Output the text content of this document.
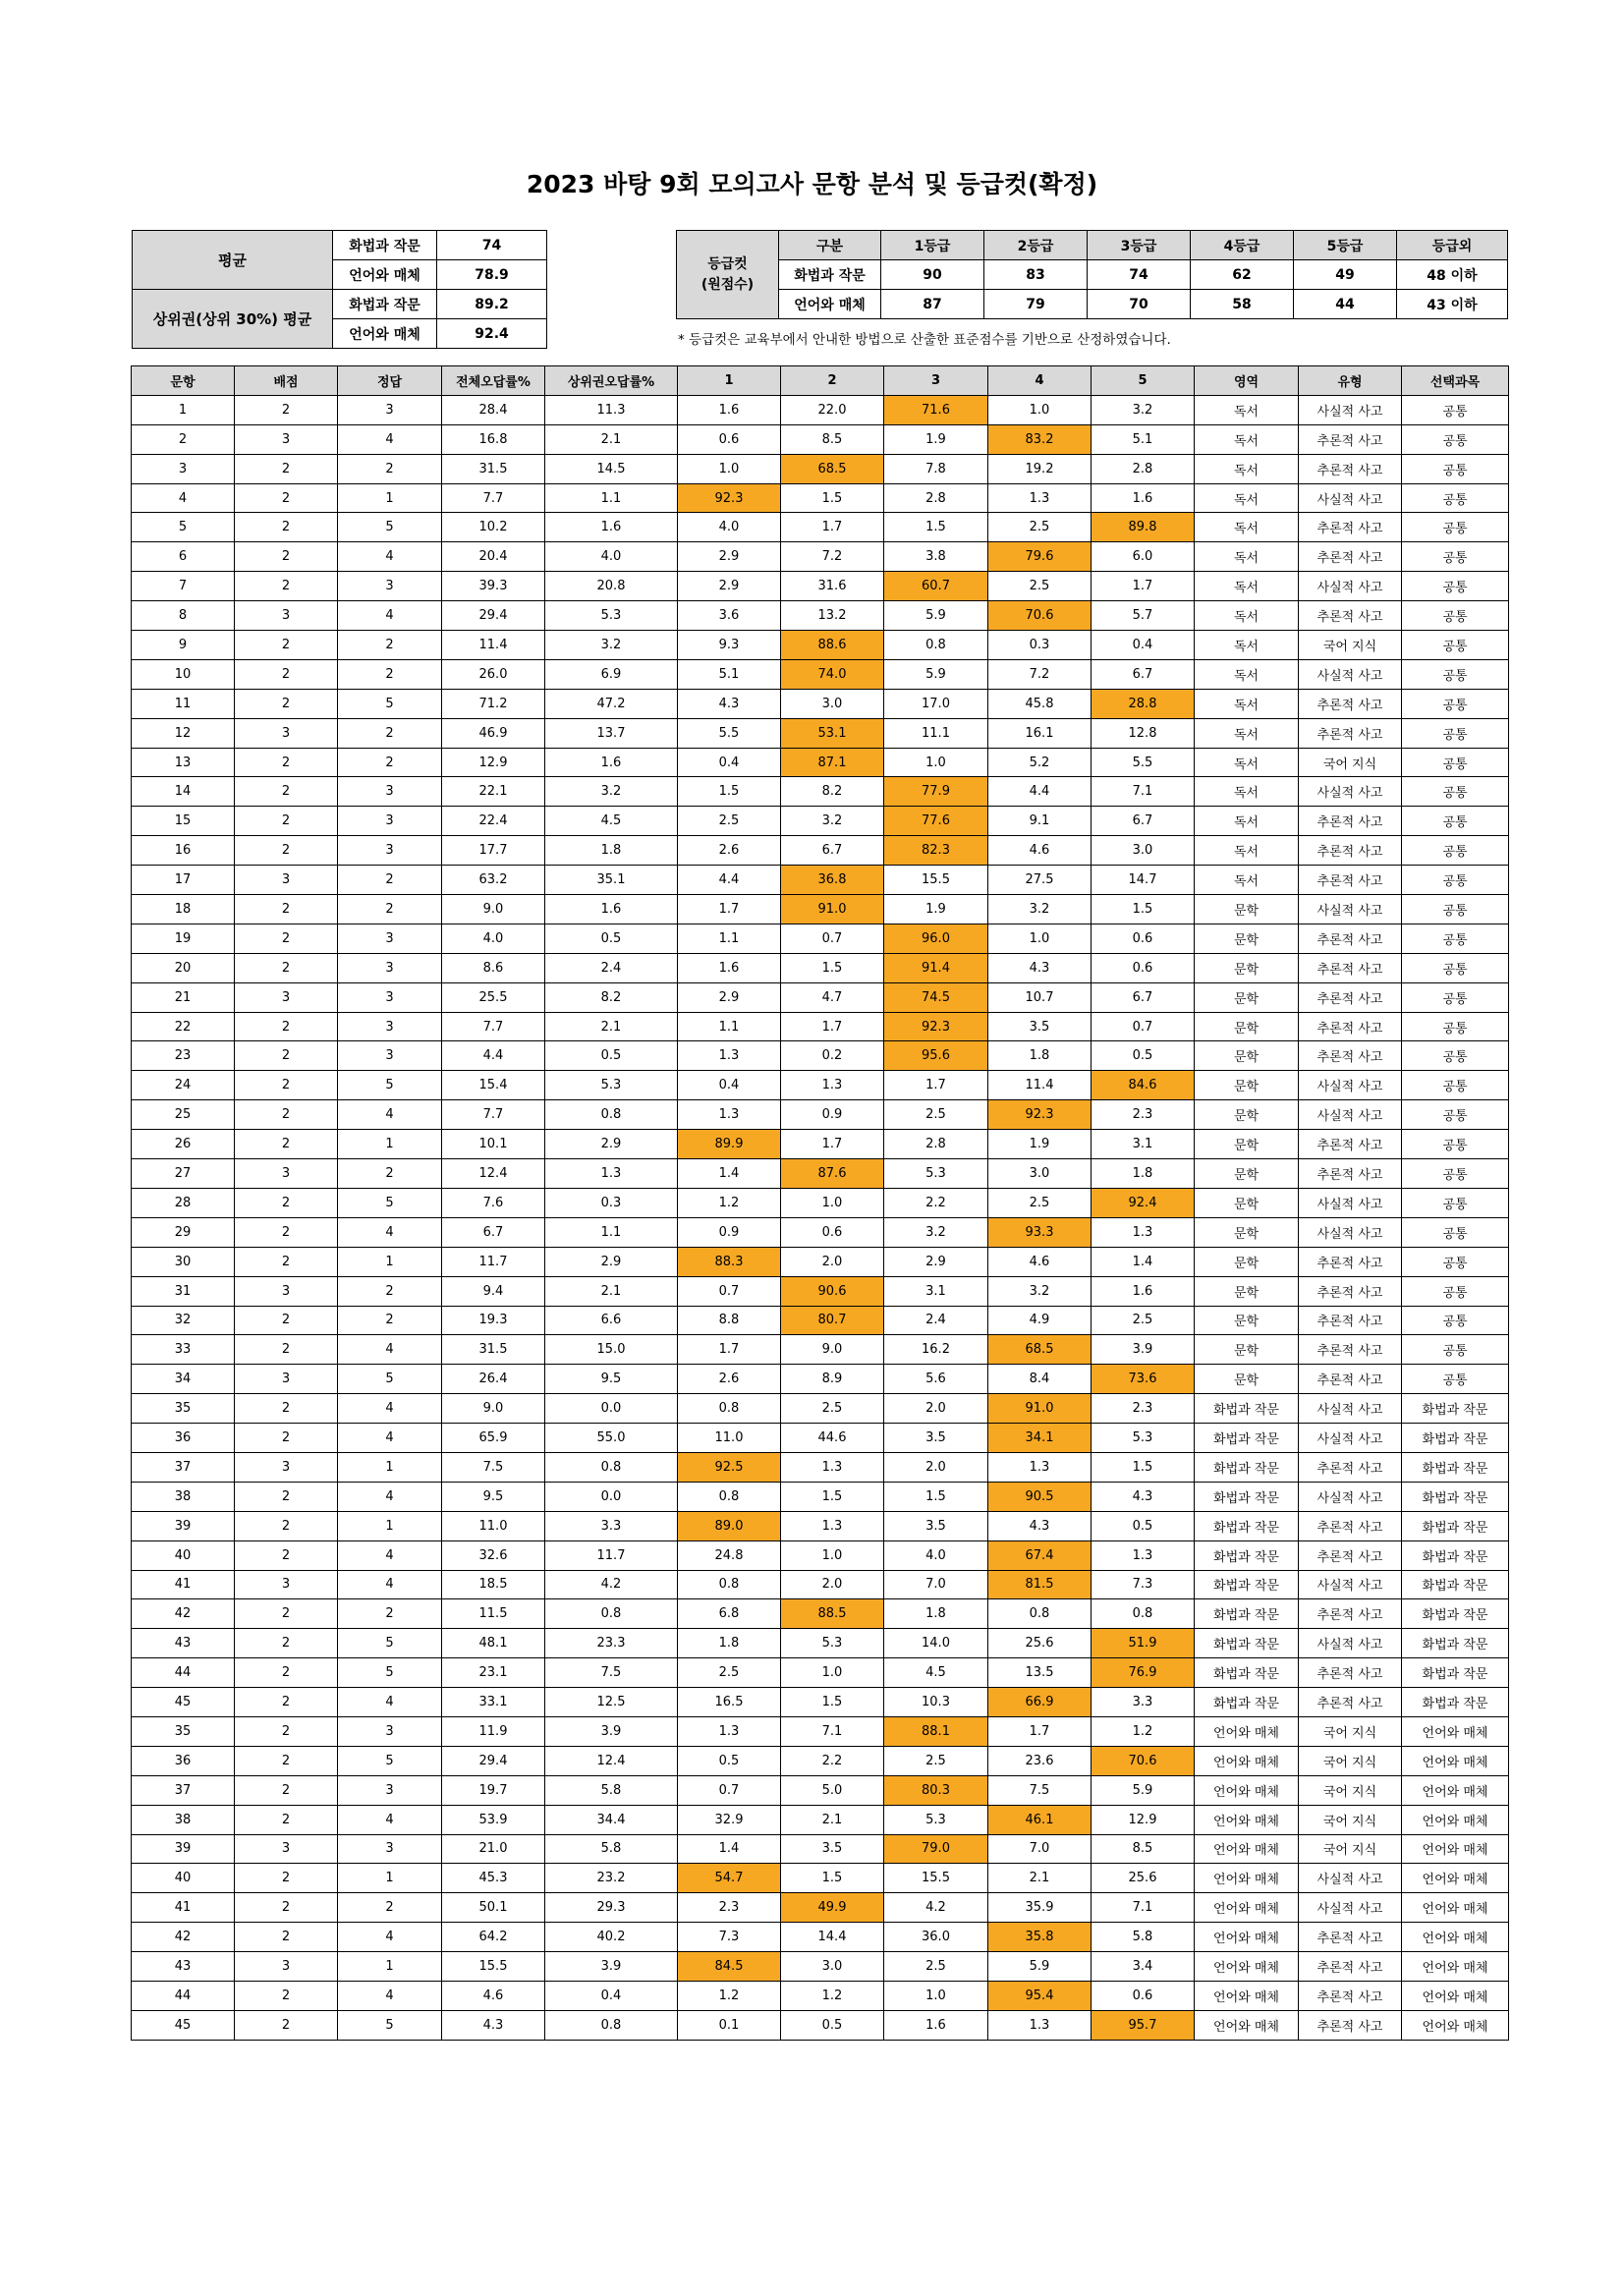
2023 바탕 9회 모의고사 문항 분석 및 등급컷(확정)
평균	화법과 작문	74
	언어와 매체	78.9
상위권(상위 30%) 평균	화법과 작문	89.2
	언어와 매체	92.4
등급컷
(원점수)	구분	1등급	2등급	3등급	4등급	5등급	등급외
	화법과 작문	90	83	74	62	49	48 이하
	언어와 매체	87	79	70	58	44	43 이하
* 등급컷은 교육부에서 안내한 방법으로 산출한 표준점수를 기반으로 산정하였습니다.
문항	배점	정답	전체오답률%	상위권오답률%	1	2	3	4	5	영역	유형	선택과목
1	2	3	28.4	11.3	1.6	22.0	71.6	1.0	3.2	독서	사실적 사고	공통
2	3	4	16.8	2.1	0.6	8.5	1.9	83.2	5.1	독서	추론적 사고	공통
3	2	2	31.5	14.5	1.0	68.5	7.8	19.2	2.8	독서	추론적 사고	공통
4	2	1	7.7	1.1	92.3	1.5	2.8	1.3	1.6	독서	사실적 사고	공통
5	2	5	10.2	1.6	4.0	1.7	1.5	2.5	89.8	독서	추론적 사고	공통
6	2	4	20.4	4.0	2.9	7.2	3.8	79.6	6.0	독서	추론적 사고	공통
7	2	3	39.3	20.8	2.9	31.6	60.7	2.5	1.7	독서	사실적 사고	공통
8	3	4	29.4	5.3	3.6	13.2	5.9	70.6	5.7	독서	추론적 사고	공통
9	2	2	11.4	3.2	9.3	88.6	0.8	0.3	0.4	독서	국어 지식	공통
10	2	2	26.0	6.9	5.1	74.0	5.9	7.2	6.7	독서	사실적 사고	공통
11	2	5	71.2	47.2	4.3	3.0	17.0	45.8	28.8	독서	추론적 사고	공통
12	3	2	46.9	13.7	5.5	53.1	11.1	16.1	12.8	독서	추론적 사고	공통
13	2	2	12.9	1.6	0.4	87.1	1.0	5.2	5.5	독서	국어 지식	공통
14	2	3	22.1	3.2	1.5	8.2	77.9	4.4	7.1	독서	사실적 사고	공통
15	2	3	22.4	4.5	2.5	3.2	77.6	9.1	6.7	독서	추론적 사고	공통
16	2	3	17.7	1.8	2.6	6.7	82.3	4.6	3.0	독서	추론적 사고	공통
17	3	2	63.2	35.1	4.4	36.8	15.5	27.5	14.7	독서	추론적 사고	공통
18	2	2	9.0	1.6	1.7	91.0	1.9	3.2	1.5	문학	사실적 사고	공통
19	2	3	4.0	0.5	1.1	0.7	96.0	1.0	0.6	문학	추론적 사고	공통
20	2	3	8.6	2.4	1.6	1.5	91.4	4.3	0.6	문학	추론적 사고	공통
21	3	3	25.5	8.2	2.9	4.7	74.5	10.7	6.7	문학	추론적 사고	공통
22	2	3	7.7	2.1	1.1	1.7	92.3	3.5	0.7	문학	추론적 사고	공통
23	2	3	4.4	0.5	1.3	0.2	95.6	1.8	0.5	문학	추론적 사고	공통
24	2	5	15.4	5.3	0.4	1.3	1.7	11.4	84.6	문학	사실적 사고	공통
25	2	4	7.7	0.8	1.3	0.9	2.5	92.3	2.3	문학	사실적 사고	공통
26	2	1	10.1	2.9	89.9	1.7	2.8	1.9	3.1	문학	추론적 사고	공통
27	3	2	12.4	1.3	1.4	87.6	5.3	3.0	1.8	문학	추론적 사고	공통
28	2	5	7.6	0.3	1.2	1.0	2.2	2.5	92.4	문학	사실적 사고	공통
29	2	4	6.7	1.1	0.9	0.6	3.2	93.3	1.3	문학	사실적 사고	공통
30	2	1	11.7	2.9	88.3	2.0	2.9	4.6	1.4	문학	추론적 사고	공통
31	3	2	9.4	2.1	0.7	90.6	3.1	3.2	1.6	문학	추론적 사고	공통
32	2	2	19.3	6.6	8.8	80.7	2.4	4.9	2.5	문학	추론적 사고	공통
33	2	4	31.5	15.0	1.7	9.0	16.2	68.5	3.9	문학	추론적 사고	공통
34	3	5	26.4	9.5	2.6	8.9	5.6	8.4	73.6	문학	추론적 사고	공통
35	2	4	9.0	0.0	0.8	2.5	2.0	91.0	2.3	화법과 작문	사실적 사고	화법과 작문
36	2	4	65.9	55.0	11.0	44.6	3.5	34.1	5.3	화법과 작문	사실적 사고	화법과 작문
37	3	1	7.5	0.8	92.5	1.3	2.0	1.3	1.5	화법과 작문	추론적 사고	화법과 작문
38	2	4	9.5	0.0	0.8	1.5	1.5	90.5	4.3	화법과 작문	사실적 사고	화법과 작문
39	2	1	11.0	3.3	89.0	1.3	3.5	4.3	0.5	화법과 작문	추론적 사고	화법과 작문
40	2	4	32.6	11.7	24.8	1.0	4.0	67.4	1.3	화법과 작문	추론적 사고	화법과 작문
41	3	4	18.5	4.2	0.8	2.0	7.0	81.5	7.3	화법과 작문	사실적 사고	화법과 작문
42	2	2	11.5	0.8	6.8	88.5	1.8	0.8	0.8	화법과 작문	추론적 사고	화법과 작문
43	2	5	48.1	23.3	1.8	5.3	14.0	25.6	51.9	화법과 작문	사실적 사고	화법과 작문
44	2	5	23.1	7.5	2.5	1.0	4.5	13.5	76.9	화법과 작문	추론적 사고	화법과 작문
45	2	4	33.1	12.5	16.5	1.5	10.3	66.9	3.3	화법과 작문	추론적 사고	화법과 작문
35	2	3	11.9	3.9	1.3	7.1	88.1	1.7	1.2	언어와 매체	국어 지식	언어와 매체
36	2	5	29.4	12.4	0.5	2.2	2.5	23.6	70.6	언어와 매체	국어 지식	언어와 매체
37	2	3	19.7	5.8	0.7	5.0	80.3	7.5	5.9	언어와 매체	국어 지식	언어와 매체
38	2	4	53.9	34.4	32.9	2.1	5.3	46.1	12.9	언어와 매체	국어 지식	언어와 매체
39	3	3	21.0	5.8	1.4	3.5	79.0	7.0	8.5	언어와 매체	국어 지식	언어와 매체
40	2	1	45.3	23.2	54.7	1.5	15.5	2.1	25.6	언어와 매체	사실적 사고	언어와 매체
41	2	2	50.1	29.3	2.3	49.9	4.2	35.9	7.1	언어와 매체	사실적 사고	언어와 매체
42	2	4	64.2	40.2	7.3	14.4	36.0	35.8	5.8	언어와 매체	추론적 사고	언어와 매체
43	3	1	15.5	3.9	84.5	3.0	2.5	5.9	3.4	언어와 매체	추론적 사고	언어와 매체
44	2	4	4.6	0.4	1.2	1.2	1.0	95.4	0.6	언어와 매체	추론적 사고	언어와 매체
45	2	5	4.3	0.8	0.1	0.5	1.6	1.3	95.7	언어와 매체	추론적 사고	언어와 매체
